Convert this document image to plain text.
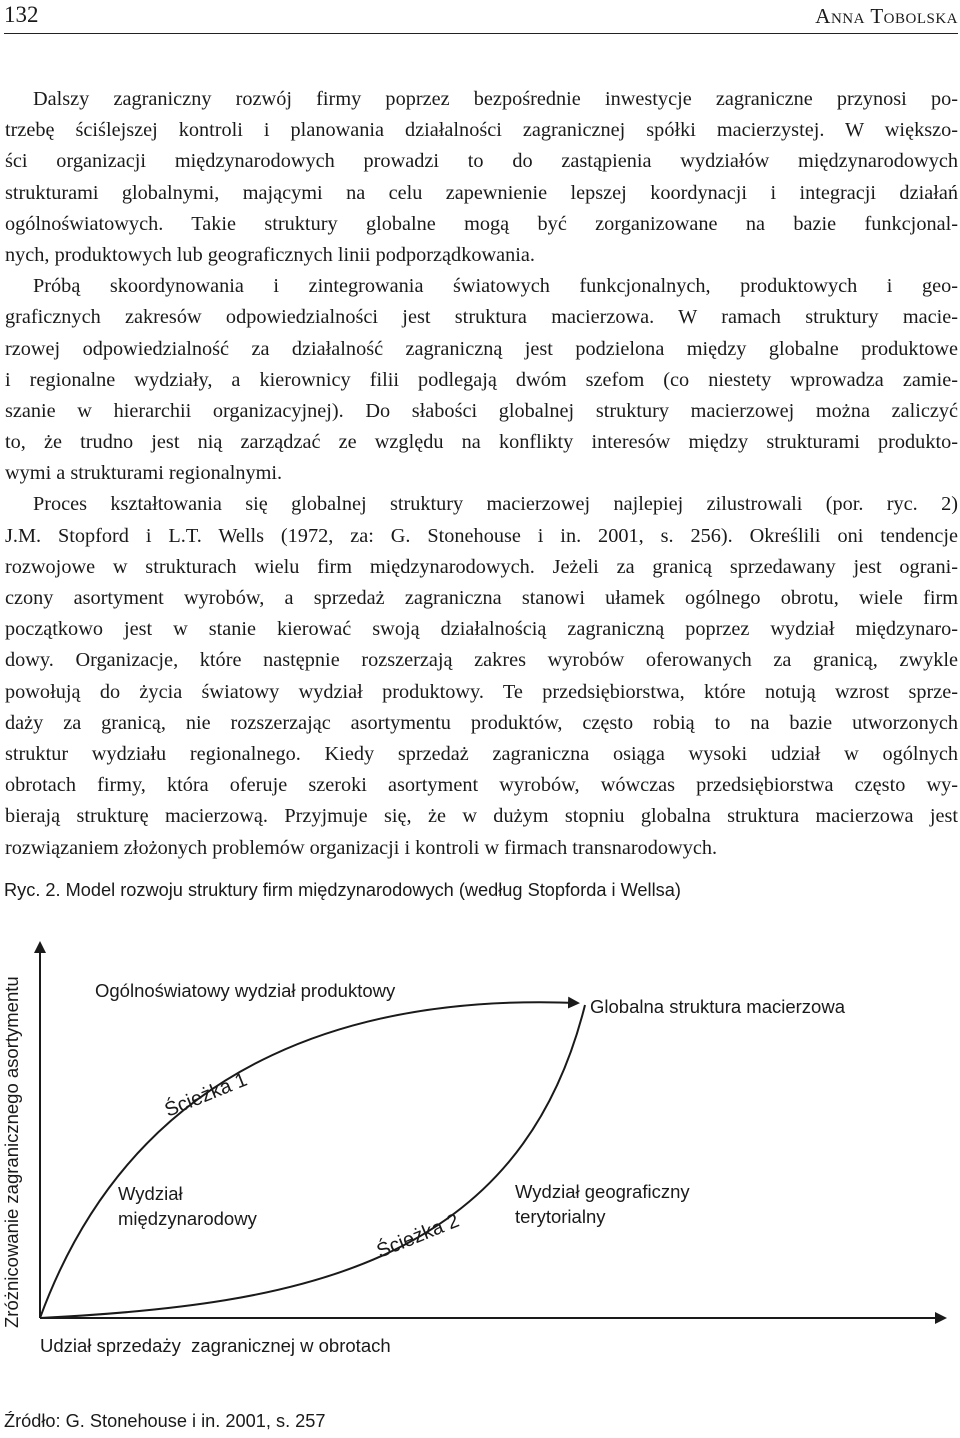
132	Anna Tobolska
Dalszy zagraniczny rozwój firmy poprzez bezpośrednie inwestycje zagraniczne przynosi po-
trzebę ściślejszej kontroli i planowania działalności zagranicznej spółki macierzystej. W większo-
ści organizacji międzynarodowych prowadzi to do zastąpienia wydziałów międzynarodowych
strukturami globalnymi, mającymi na celu zapewnienie lepszej koordynacji i integracji działań
ogólnoświatowych. Takie struktury globalne mogą być zorganizowane na bazie funkcjonal-
nych, produktowych lub geograficznych linii podporządkowania.
Próbą skoordynowania i zintegrowania światowych funkcjonalnych, produktowych i geo-
graficznych zakresów odpowiedzialności jest struktura macierzowa. W ramach struktury macie-
rzowej odpowiedzialność za działalność zagraniczną jest podzielona między globalne produktowe
i regionalne wydziały, a kierownicy filii podlegają dwóm szefom (co niestety wprowadza zamie-
szanie w hierarchii organizacyjnej). Do słabości globalnej struktury macierzowej można zaliczyć
to, że trudno jest nią zarządzać ze względu na konflikty interesów między strukturami produkto-
wymi a strukturami regionalnymi.
Proces kształtowania się globalnej struktury macierzowej najlepiej zilustrowali (por. ryc. 2)
J.M. Stopford i L.T. Wells (1972, za: G. Stonehouse i in. 2001, s. 256). Określili oni tendencje
rozwojowe w strukturach wielu firm międzynarodowych. Jeżeli za granicą sprzedawany jest ograni-
czony asortyment wyrobów, a sprzedaż zagraniczna stanowi ułamek ogólnego obrotu, wiele firm
początkowo jest w stanie kierować swoją działalnością zagraniczną poprzez wydział międzynaro-
dowy. Organizacje, które następnie rozszerzają zakres wyrobów oferowanych za granicą, zwykle
powołują do życia światowy wydział produktowy. Te przedsiębiorstwa, które notują wzrost sprze-
daży za granicą, nie rozszerzając asortymentu produktów, często robią to na bazie utworzonych
struktur wydziału regionalnego. Kiedy sprzedaż zagraniczna osiąga wysoki udział w ogólnych
obrotach firmy, która oferuje szeroki asortyment wyrobów, wówczas przedsiębiorstwa często wy-
bierają strukturę macierzową. Przyjmuje się, że w dużym stopniu globalna struktura macierzowa jest
rozwiązaniem złożonych problemów organizacji i kontroli w firmach transnarodowych.
Ryc. 2. Model rozwoju struktury firm międzynarodowych (według Stopforda i Wellsa)
Zróżnicowanie zagranicznego asortymentu
Udział sprzedaży  zagranicznej w obrotach
Ogólnoświatowy wydział produktowy
Globalna struktura macierzowa
Wydział
międzynarodowy
Wydział geograficzny
terytorialny
Ścieżka 1
Ścieżka 2
Źródło: G. Stonehouse i in. 2001, s. 257
